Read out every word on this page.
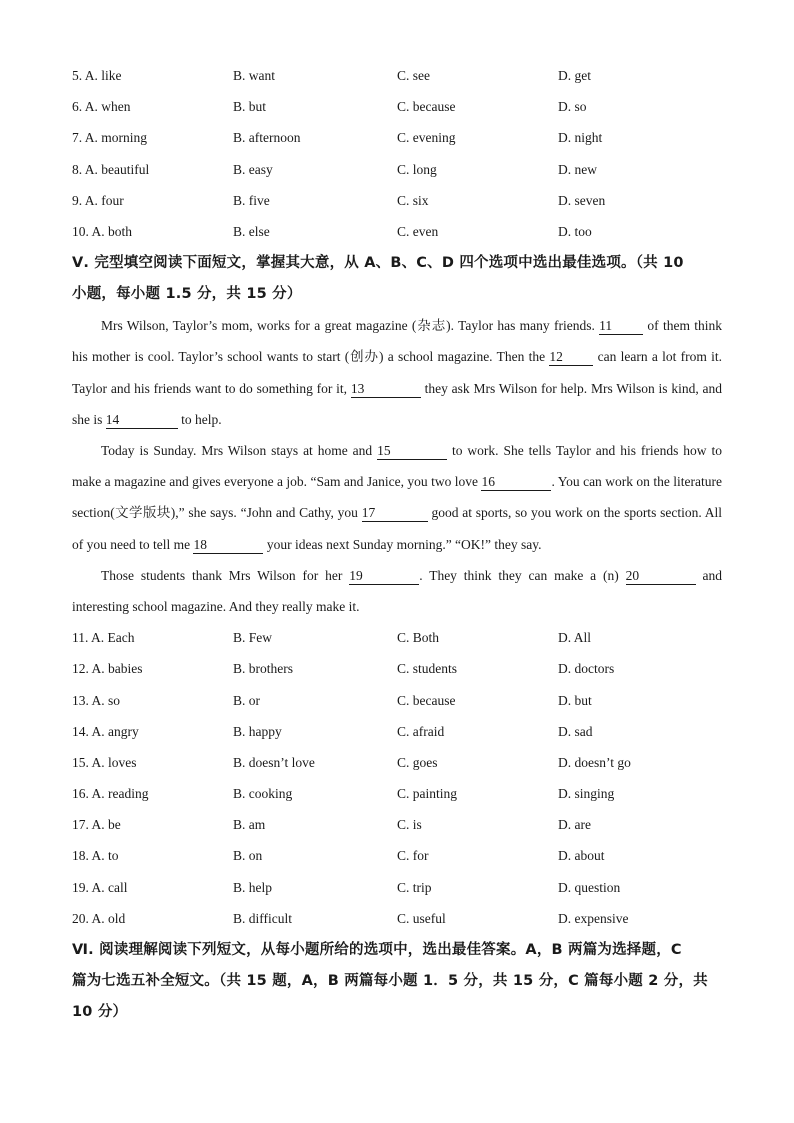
5. A. like	B. want	C. see	D. get
6. A. when	B. but	C. because	D. so
7. A. morning	B. afternoon	C. evening	D. night
8. A. beautiful	B. easy	C. long	D. new
9. A. four	B. five	C. six	D. seven
10. A. both	B. else	C. even	D. too
Ⅴ. 完型填空阅读下面短文，掌握其大意，从 A、B、C、D 四个选项中选出最佳选项。（共 10
小题，每小题 1.5 分，共 15 分）

Mrs Wilson, Taylor’s mom, works for a great magazine (杂志). Taylor has many friends. 11 of them think his mother is cool. Taylor’s school wants to start (创办) a school magazine. Then the 12 can learn a lot from it. Taylor and his friends want to do something for it, 13	they ask Mrs Wilson for help. Mrs Wilson is kind, and she is 14	to help.

Today is Sunday. Mrs Wilson stays at home and 15	to work. She tells Taylor and his friends how to make a magazine and gives everyone a job. “Sam and Janice, you two love 16	. You can work on the literature section(文学版块),” she says. “John and Cathy, you 17	good at sports, so you work on the sports section. All of you need to tell me 18	your ideas next Sunday morning.” “OK!” they say.

Those students thank Mrs Wilson for her 19	. They think they can make a (n) 20	and interesting school magazine. And they really make it.

11. A. Each	B. Few	C. Both	D. All
12. A. babies	B. brothers	C. students	D. doctors
13. A. so	B. or	C. because	D. but
14. A. angry	B. happy	C. afraid	D. sad
15. A. loves	B. doesn’t love	C. goes	D. doesn’t go
16. A. reading	B. cooking	C. painting	D. singing
17. A. be	B. am	C. is	D. are
18. A. to	B. on	C. for	D. about
19. A. call	B. help	C. trip	D. question
20. A. old	B. difficult	C. useful	D. expensive
Ⅵ. 阅读理解阅读下列短文，从每小题所给的选项中，选出最佳答案。A，B 两篇为选择题，C
篇为七选五补全短文。（共 15 题，A，B 两篇每小题 1．5 分，共 15 分，C 篇每小题 2 分，共
10 分）
